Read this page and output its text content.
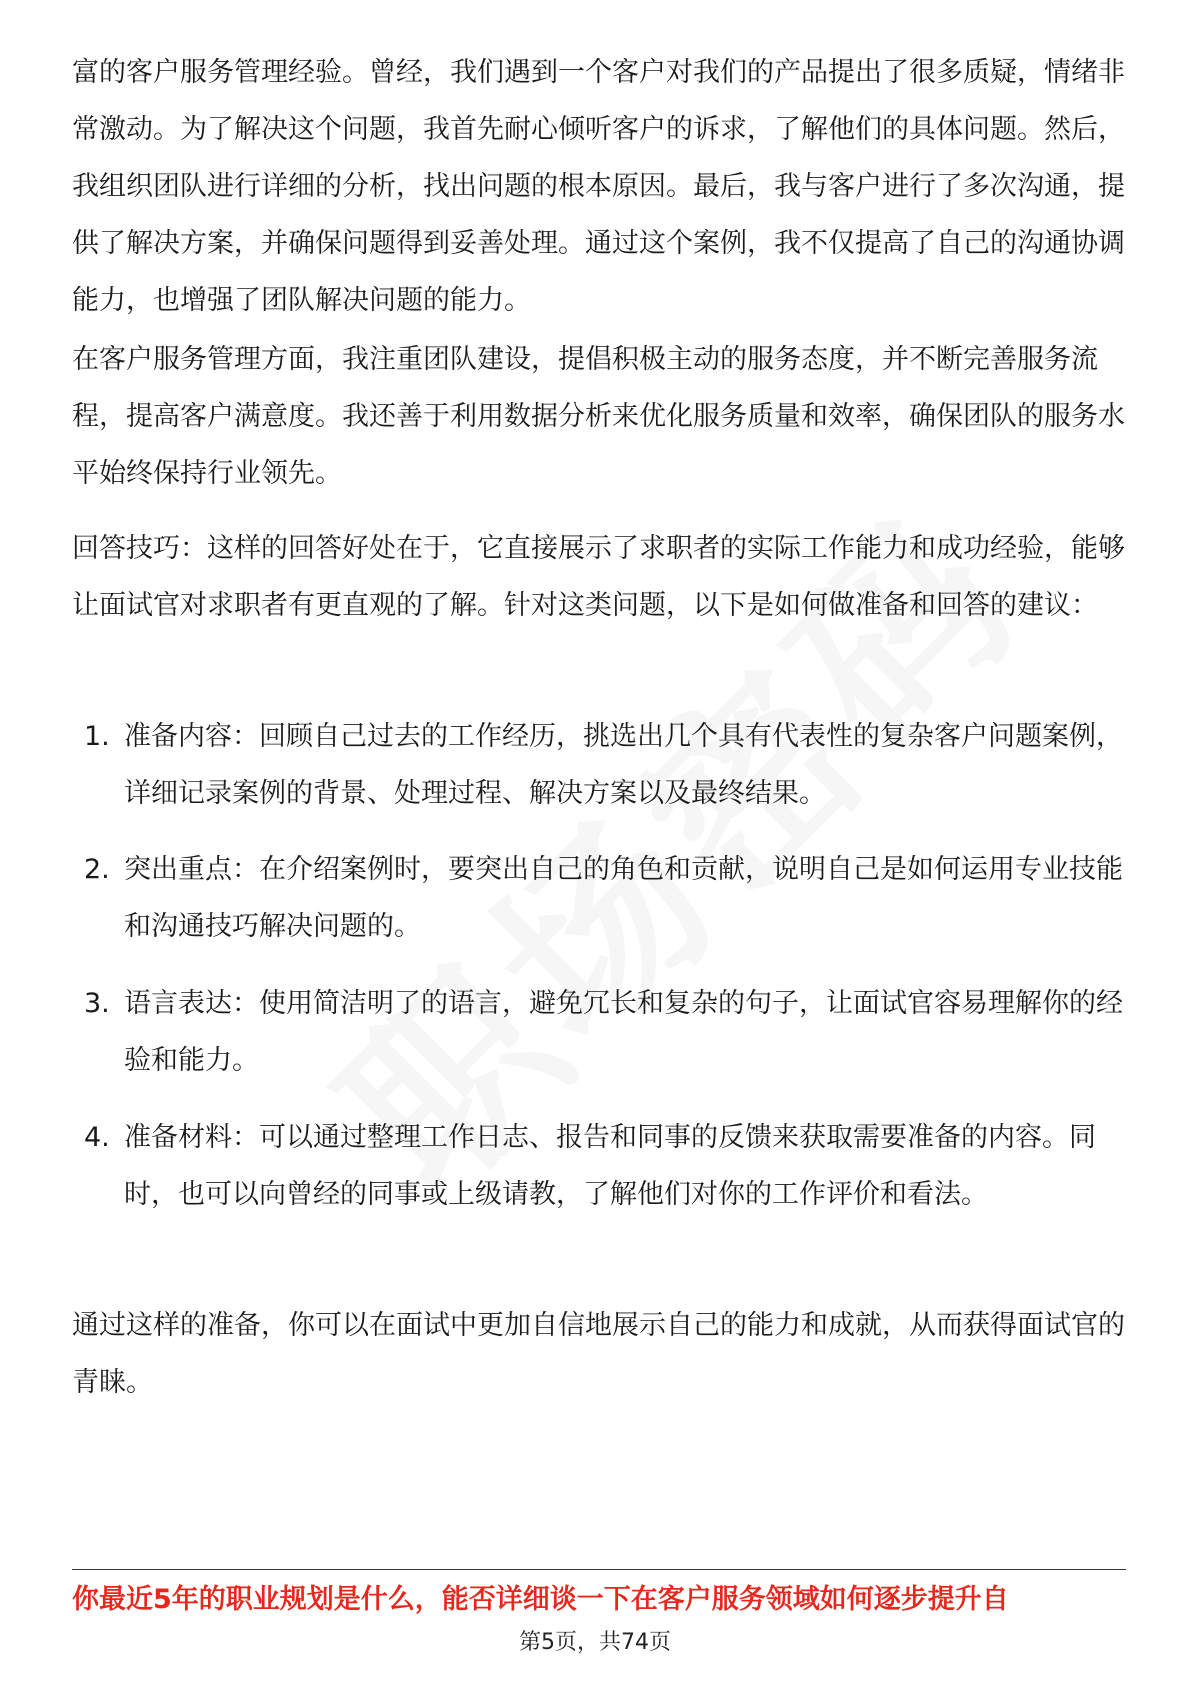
富的客户服务管理经验。曾经，我们遇到一个客户对我们的产品提出了很多质疑，情绪非常激动。为了解决这个问题，我首先耐心倾听客户的诉求，了解他们的具体问题。然后，我组织团队进行详细的分析，找出问题的根本原因。最后，我与客户进行了多次沟通，提供了解决方案，并确保问题得到妥善处理。通过这个案例，我不仅提高了自己的沟通协调能力，也增强了团队解决问题的能力。

在客户服务管理方面，我注重团队建设，提倡积极主动的服务态度，并不断完善服务流程，提高客户满意度。我还善于利用数据分析来优化服务质量和效率，确保团队的服务水平始终保持行业领先。

回答技巧：这样的回答好处在于，它直接展示了求职者的实际工作能力和成功经验，能够让面试官对求职者有更直观的了解。针对这类问题，以下是如何做准备和回答的建议：

1. 准备内容：回顾自己过去的工作经历，挑选出几个具有代表性的复杂客户问题案例，详细记录案例的背景、处理过程、解决方案以及最终结果。
2. 突出重点：在介绍案例时，要突出自己的角色和贡献，说明自己是如何运用专业技能和沟通技巧解决问题的。
3. 语言表达：使用简洁明了的语言，避免冗长和复杂的句子，让面试官容易理解你的经验和能力。
4. 准备材料：可以通过整理工作日志、报告和同事的反馈来获取需要准备的内容。同时，也可以向曾经的同事或上级请教，了解他们对你的工作评价和看法。

通过这样的准备，你可以在面试中更加自信地展示自己的能力和成就，从而获得面试官的青睐。

你最近5年的职业规划是什么，能否详细谈一下在客户服务领域如何逐步提升自
第5页，共74页
